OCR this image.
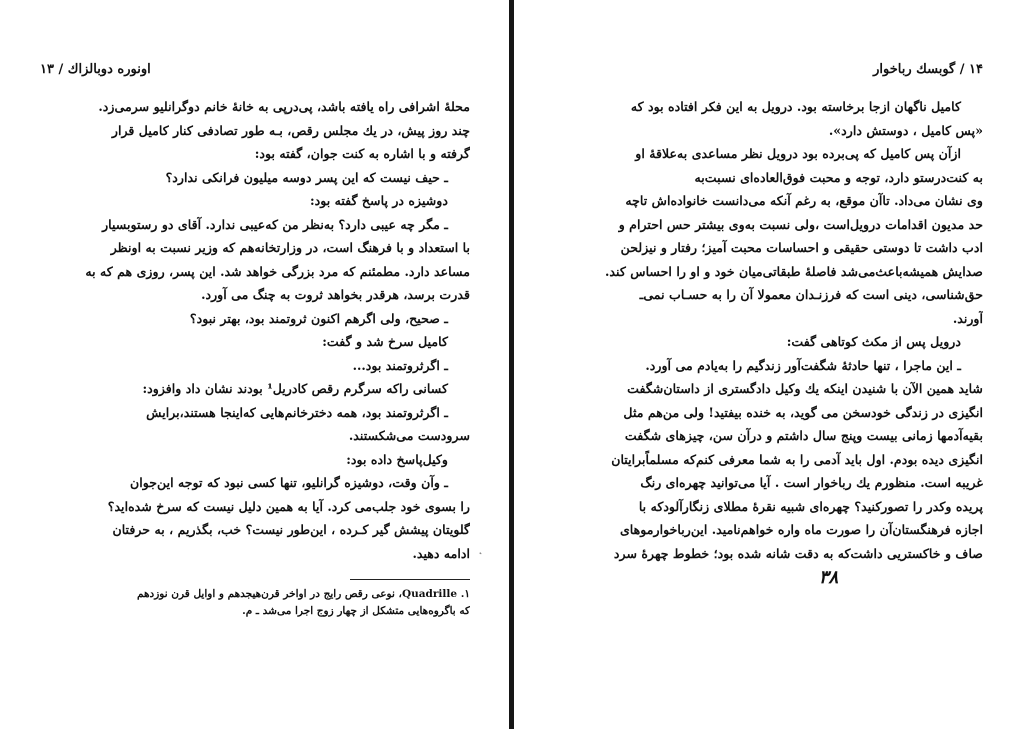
اونوره دوبالزاك / ۱۳
محلهٔ اشرافی راه یافته باشد، پی‌درپی به خانهٔ خانم دوگرانلیو سرمی‌زد.
چند روز پیش، در یك مجلس رقص، بـه طور تصادفی کنار کامیل قرار
گرفته و با اشاره به کنت جوان، گفته بود:
ـ حیف نیست که این پسر دوسه میلیون فرانکی ندارد؟
دوشیزه در پاسخ گفته بود:
ـ مگر چه عیبی دارد؟ به‌نظر من که‌عیبی ندارد. آقای دو رستوبسیار
با استعداد و با فرهنگ است، در وزارتخانه‌هم که وزیر نسبت به اونظر
مساعد دارد. مطمئنم که مرد بزرگی خواهد شد. این پسر، روزی هم که به
قدرت برسد، هرقدر بخواهد ثروت به چنگ می آورد.
ـ صحیح، ولی اگرهم اکنون ثروتمند بود، بهتر نبود؟
کامیل سرخ شد و گفت:
ـ اگرثروتمند بود...
کسانی راکه سرگرم رقص کادریل¹ بودند نشان داد وافزود:
ـ اگرثروتمند بود، همه دخترخانم‌هایی که‌اینجا هستند،برایش
سرودست می‌شکستند.
وکیل‌پاسخ داده بود:
ـ وآن وقت، دوشیزه گرانلیو، تنها کسی نبود که توجه این‌جوان
را بسوی خود جلب‌می کرد. آیا به همین دلیل نیست که سرخ شده‌اید؟
گلویتان پیشش گیر کـرده ، این‌طور نیست؟ خب، بگذریم ، به حرفتان
ادامه دهید.
۱. Quadrille، نوعی رقص رایج در اواخر قرن‌هیجدهم و اوایل قرن نوزدهم
كه با‌گروه‌هایی متشکل از چهار زوج اجرا می‌شد ـ م.
˛
۱۴ / گوبسك رباخوار
کامیل ناگهان ازجا برخاسته بود. درویل به این فکر افتاده بود که
«پس کامیل ، دوستش دارد».
ازآن پس کامیل که پی‌برده بود درویل نظر مساعدی به‌علاقهٔ او
به کنت‌درستو دارد، توجه و محبت فوق‌العاده‌ای نسبت‌به
وی نشان می‌داد. تاآن موقع، به رغم آنکه می‌دانست خانواده‌اش تاچه
حد مدیون اقدامات درویل‌است ،ولی نسبت به‌وی بیشتر حس احترام و
ادب داشت تا دوستی حقیقی و احساسات محبت آمیز؛ رفتار و نیزلحن
صدایش همیشه‌باعث‌می‌شد فاصلهٔ طبقاتی‌میان خود و او را احساس کند.
حق‌شناسی، دینی است که فرزنـدان معمولا آن را به حسـاب نمی‌ـ
آورند.
درویل پس از مکث کوتاهی گفت:
ـ این ماجرا ، تنها حادثهٔ شگفت‌آور زندگیم را به‌یادم می آورد.
شاید همین الآن با شنیدن اینکه یك وکیل دادگستری از داستان‌شگفت‌
انگیزی در زندگی خودسخن می گوید، به خنده بیفتید! ولی من‌هم مثل
بقیه‌آدمها زمانی بیست وپنج سال داشتم و درآن سن، چیزهای شگفت‌
انگیزی دیده بودم. اول باید آدمی را به شما معرفی کنم‌که مسلماً‌برایتان
غریبه است. منظورم یك رباخوار است . آیا می‌توانید چهره‌ای رنگ‌
پریده وکدر را تصورکنید؟ چهره‌ای شبیه نقرهٔ مطلای زنگارآلود‌که با
اجازه فرهنگستان‌آن را صورت ماه واره خواهم‌نامید. این‌رباخوارموهای
صاف و خاکستریی داشت‌که به دقت شانه شده بود؛ خطوط چهرهٔ سرد
۳۸
